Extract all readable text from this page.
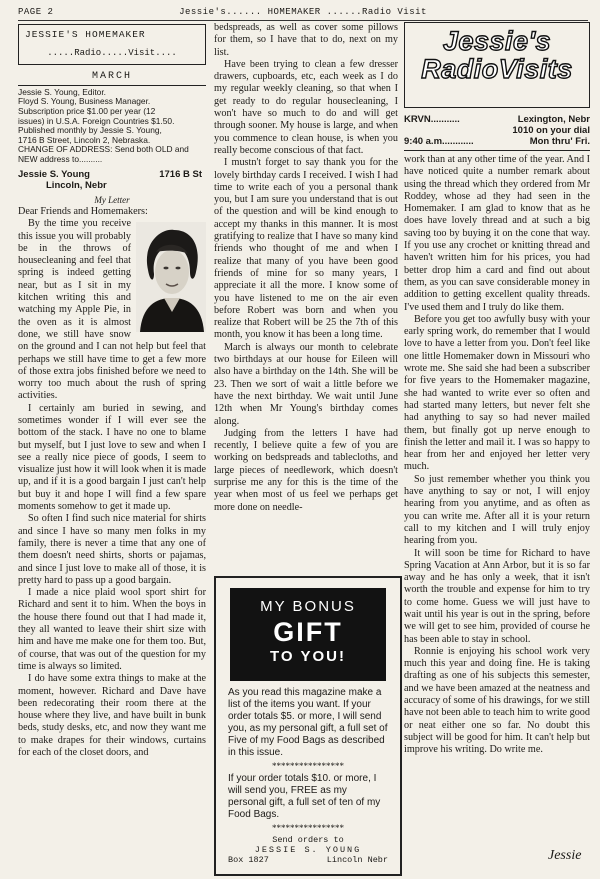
PAGE 2	Jessie's...... HOMEMAKER ......Radio Visit
JESSIE'S HOMEMAKER
.....Radio.....Visit....
MARCH
Jessie S. Young, Editor.
Floyd S. Young, Business Manager.
Subscription price $1.00 per year (12
issues) in U.S.A. Foreign Countries $1.50.
Published monthly by Jessie S. Young,
1716 B Street, Lincoln 2, Nebraska.
CHANGE OF ADDRESS: Send both OLD and
NEW address to..........
Jessie S. Young	1716 B St
Lincoln, Nebr
My Letter
Dear Friends and Homemakers:

By the time you receive this issue you will probably be in the throws of housecleaning and feel that spring is indeed getting near, but as I sit in my kitchen writing this and watching my Apple Pie, in the oven as it is almost done, we still have snow on the ground and I can not help but feel that perhaps we still have time to get a few more of those extra jobs finished before we need to worry too much about the rush of spring activities.

I certainly am buried in sewing, and sometimes wonder if I will ever see the bottom of the stack. I have no one to blame but myself, but I just love to sew and when I see a really nice piece of goods, I seem to visualize just how it will look when it is made up, and if it is a good bargain I just can't help but buy it and hope I will find a few spare moments somehow to get it made up.

So often I find such nice material for shirts and since I have so many men folks in my family, there is never a time that any one of them doesn't need shirts, shorts or pajamas, and since I just love to make all of those, it is pretty hard to pass up a good bargain.

I made a nice plaid wool sport shirt for Richard and sent it to him. When the boys in the house there found out that I had made it, they all wanted to leave their shirt size with him and have me make one for them too. But, of course, that was out of the question for my time is always so limited.

I do have some extra things to make at the moment, however. Richard and Dave have been redecorating their room there at the house where they live, and have built in bunk beds, study desks, etc, and now they want me to make drapes for their windows, curtains for each of the closet doors, and

bedspreads, as well as cover some pillows for them, so I have that to do, next on my list.

Have been trying to clean a few dresser drawers, cupboards, etc, each week as I do my regular weekly cleaning, so that when I get ready to do regular housecleaning, I won't have so much to do and will get through sooner. My house is large, and when you commence to clean house, is when you really become conscious of that fact.

I mustn't forget to say thank you for the lovely birthday cards I received. I wish I had time to write each of you a personal thank you, but I am sure you understand that is out of the question and will be kind enough to accept my thanks in this manner. It is most gratifying to realize that I have so many kind friends who thought of me and when I realize that many of you have been good friends of mine for so many years, I appreciate it all the more. I know some of you have listened to me on the air even before Robert was born and when you realize that Robert will be 25 the 7th of this month, you know it has been a long time.

March is always our month to celebrate two birthdays at our house for Eileen will also have a birthday on the 14th. She will be 23. Then we sort of wait a little before we have the next birthday. We wait until June 12th when Mr Young's birthday comes along.

Judging from the letters I have had recently, I believe quite a few of you are working on bedspreads and tablecloths, and large pieces of needlework, which doesn't surprise me any for this is the time of the year when most of us feel we perhaps get more done on needle-

MY BONUS
GIFT
TO YOU!
As you read this magazine make a list of the items you want. If your order totals $5. or more, I will send you, as my personal gift, a full set of Five of my Food Bags as described in this issue.
****************
If your order totals $10. or more, I will send you, FREE as my personal gift, a full set of ten of my Food Bags.
****************
Send orders to
JESSIE S. YOUNG
Box 1827	Lincoln Nebr
Jessie's
RadioVisits
KRVN...........	Lexington, Nebr
1010 on your dial
9:40 a.m............	Mon thru' Fri.

work than at any other time of the year. And I have noticed quite a number remark about using the thread which they ordered from Mr Roddey, whose ad they had seen in the Homemaker. I am glad to know that as he does have lovely thread and at such a big saving too by buying it on the cone that way. If you use any crochet or knitting thread and haven't written him for his prices, you had better drop him a card and find out about them, as you can save considerable money in addition to getting excellent quality threads. I've used them and I truly do like them.

Before you get too awfully busy with your early spring work, do remember that I would love to have a letter from you. Don't feel like one little Homemaker down in Missouri who wrote me. She said she had been a subscriber for five years to the Homemaker magazine, she had wanted to write ever so often and had started many letters, but never felt she had anything to say so had never mailed them, but finally got up nerve enough to finish the letter and mail it. I was so happy to hear from her and enjoyed her letter very much.

So just remember whether you think you have anything to say or not, I will enjoy hearing from you anytime, and as often as you can write me. After all it is your return call to my kitchen and I will truly enjoy hearing from you.

It will soon be time for Richard to have Spring Vacation at Ann Arbor, but it is so far away and he has only a week, that it isn't worth the trouble and expense for him to try to come home. Guess we will just have to wait until his year is out in the spring, before we will get to see him, provided of course he has been able to stay in school.

Ronnie is enjoying his school work very much this year and doing fine. He is taking drafting as one of his subjects this semester, and we have been amazed at the neatness and accuracy of some of his drawings, for we still have not been able to teach him to write good or neat either one so far. No doubt this subject will be good for him. It can't help but improve his writing. Do write me.

Jessie
